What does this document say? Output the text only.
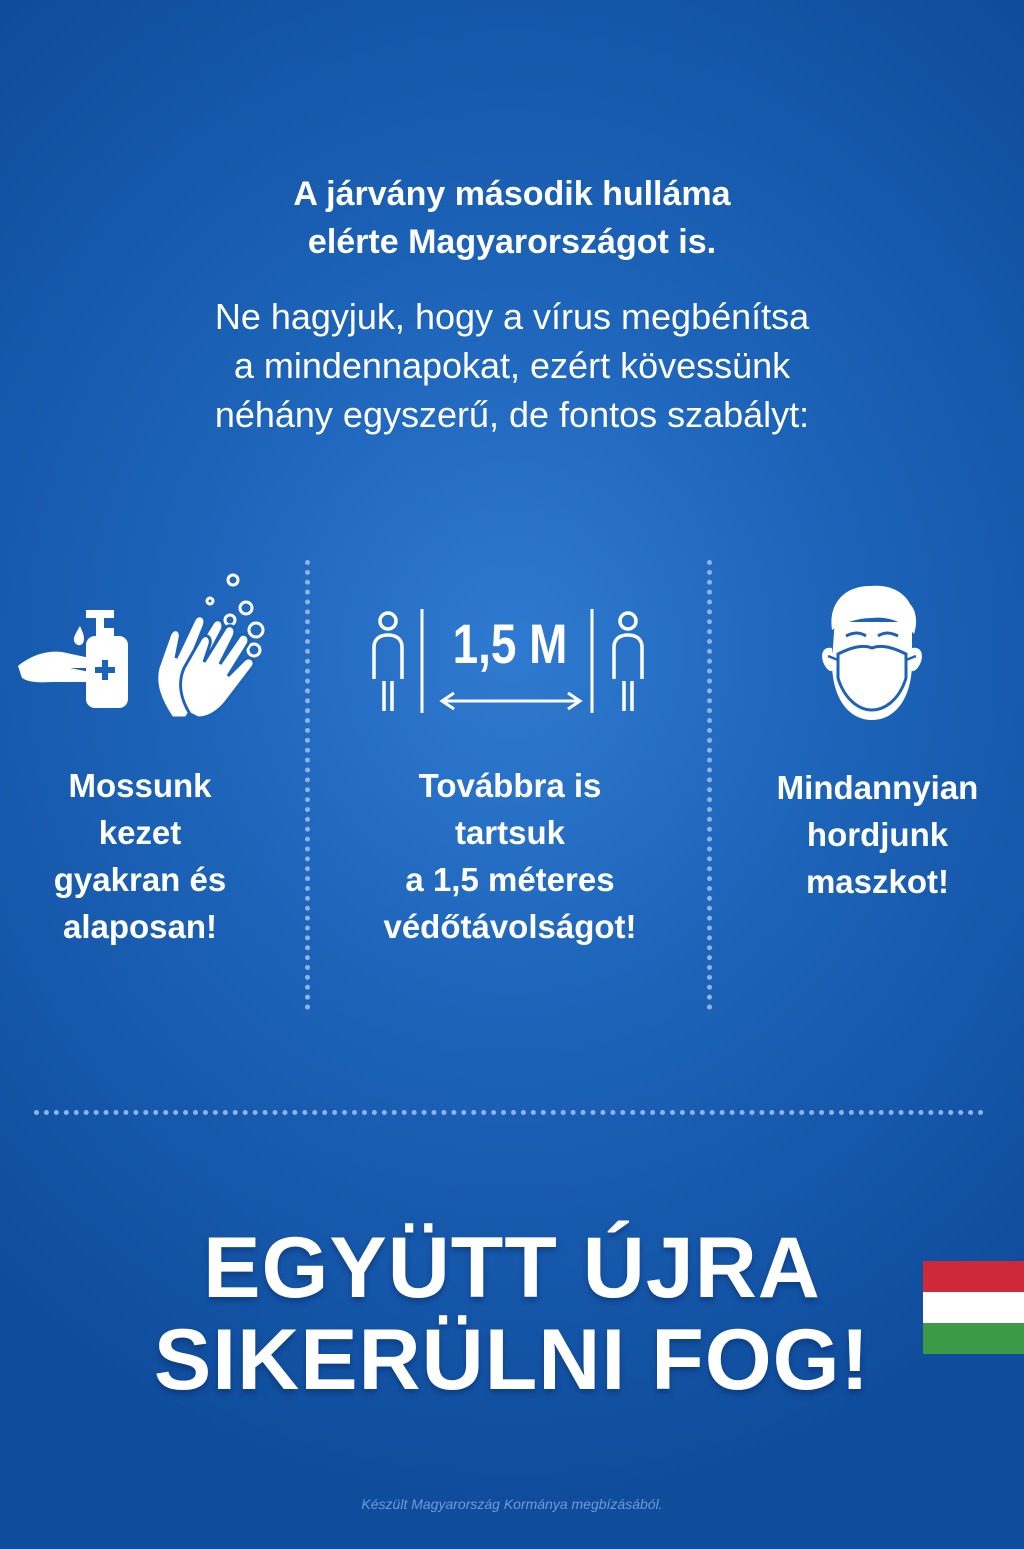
A járvány második hulláma
elérte Magyarországot is.
Ne hagyjuk, hogy a vírus megbénítsa
a mindennapokat, ezért kövessünk
néhány egyszerű, de fontos szabályt:
1,5 M
Mossunk
kezet
gyakran és
alaposan!
Továbbra is
tartsuk
a 1,5 méteres
védőtávolságot!
Mindannyian
hordjunk
maszkot!
EGYÜTT ÚJRA
SIKERÜLNI FOG!
Készült Magyarország Kormánya megbízásából.
